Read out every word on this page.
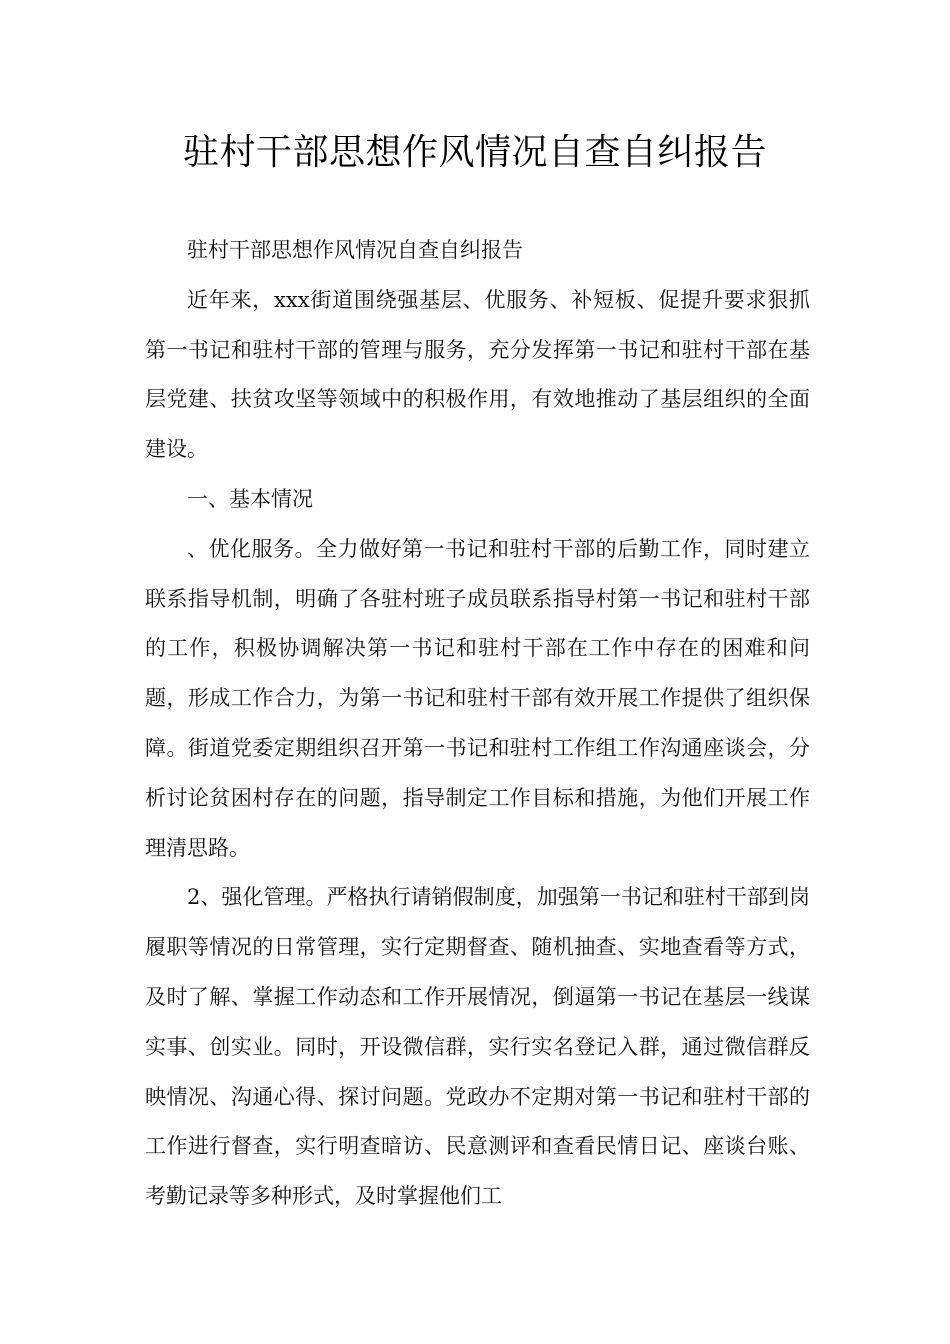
驻村干部思想作风情况自查自纠报告

驻村干部思想作风情况自查自纠报告

近年来，xxx街道围绕强基层、优服务、补短板、促提升要求狠抓第一书记和驻村干部的管理与服务，充分发挥第一书记和驻村干部在基层党建、扶贫攻坚等领域中的积极作用，有效地推动了基层组织的全面建设。

一、基本情况

、优化服务。全力做好第一书记和驻村干部的后勤工作，同时建立联系指导机制，明确了各驻村班子成员联系指导村第一书记和驻村干部的工作，积极协调解决第一书记和驻村干部在工作中存在的困难和问题，形成工作合力，为第一书记和驻村干部有效开展工作提供了组织保障。街道党委定期组织召开第一书记和驻村工作组工作沟通座谈会，分析讨论贫困村存在的问题，指导制定工作目标和措施，为他们开展工作理清思路。

2、强化管理。严格执行请销假制度，加强第一书记和驻村干部到岗履职等情况的日常管理，实行定期督查、随机抽查、实地查看等方式，及时了解、掌握工作动态和工作开展情况，倒逼第一书记在基层一线谋实事、创实业。同时，开设微信群，实行实名登记入群，通过微信群反映情况、沟通心得、探讨问题。党政办不定期对第一书记和驻村干部的工作进行督查，实行明查暗访、民意测评和查看民情日记、座谈台账、考勤记录等多种形式，及时掌握他们工
